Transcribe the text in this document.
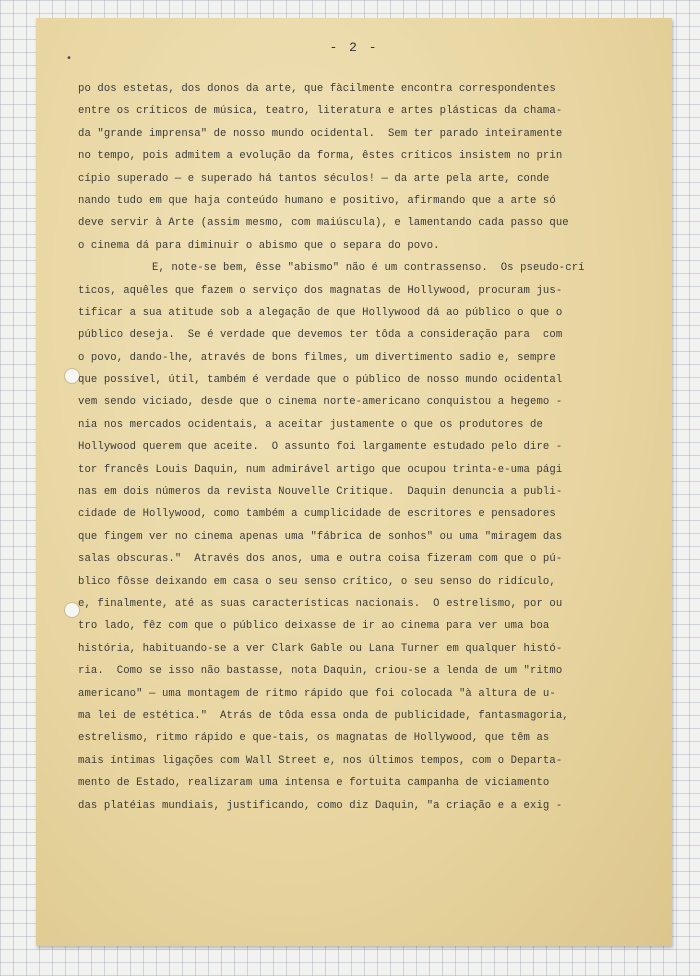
•
- 2 -
po dos estetas, dos donos da arte, que fàcilmente encontra correspondentes
entre os críticos de música, teatro, literatura e artes plásticas da chama-
da "grande imprensa" de nosso mundo ocidental.  Sem ter parado inteiramente
no tempo, pois admitem a evolução da forma, êstes críticos insistem no prin
cípio superado — e superado há tantos séculos! — da arte pela arte, conde
nando tudo em que haja conteúdo humano e positivo, afirmando que a arte só
deve servir à Arte (assim mesmo, com maiúscula), e lamentando cada passo que
o cinema dá para diminuir o abismo que o separa do povo.
E, note-se bem, êsse "abismo" não é um contrassenso.  Os pseudo-crí
ticos, aquêles que fazem o serviço dos magnatas de Hollywood, procuram jus-
tificar a sua atitude sob a alegação de que Hollywood dá ao público o que o
público deseja.  Se é verdade que devemos ter tôda a consideração para  com
o povo, dando-lhe, através de bons filmes, um divertimento sadio e, sempre
que possível, útil, também é verdade que o público de nosso mundo ocidental
vem sendo viciado, desde que o cinema norte-americano conquistou a hegemo -
nia nos mercados ocidentais, a aceitar justamente o que os produtores de
Hollywood querem que aceite.  O assunto foi largamente estudado pelo dire -
tor francês Louis Daquin, num admirável artigo que ocupou trinta-e-uma pági
nas em dois números da revista Nouvelle Critique.  Daquin denuncia a publi-
cidade de Hollywood, como também a cumplicidade de escritores e pensadores
que fingem ver no cinema apenas uma "fábrica de sonhos" ou uma "miragem das
salas obscuras."  Através dos anos, uma e outra coisa fizeram com que o pú-
blico fôsse deixando em casa o seu senso crítico, o seu senso do ridículo,
e, finalmente, até as suas características nacionais.  O estrelismo, por ou
tro lado, fêz com que o público deixasse de ir ao cinema para ver uma boa
história, habituando-se a ver Clark Gable ou Lana Turner em qualquer histó-
ria.  Como se isso não bastasse, nota Daquin, criou-se a lenda de um "ritmo
americano" — uma montagem de ritmo rápido que foi colocada "à altura de u-
ma lei de estética."  Atrás de tôda essa onda de publicidade, fantasmagoria,
estrelismo, ritmo rápido e que-tais, os magnatas de Hollywood, que têm as
mais íntimas ligações com Wall Street e, nos últimos tempos, com o Departa-
mento de Estado, realizaram uma intensa e fortuita campanha de viciamento
das platéias mundiais, justificando, como diz Daquin, "a criação e a exig -
